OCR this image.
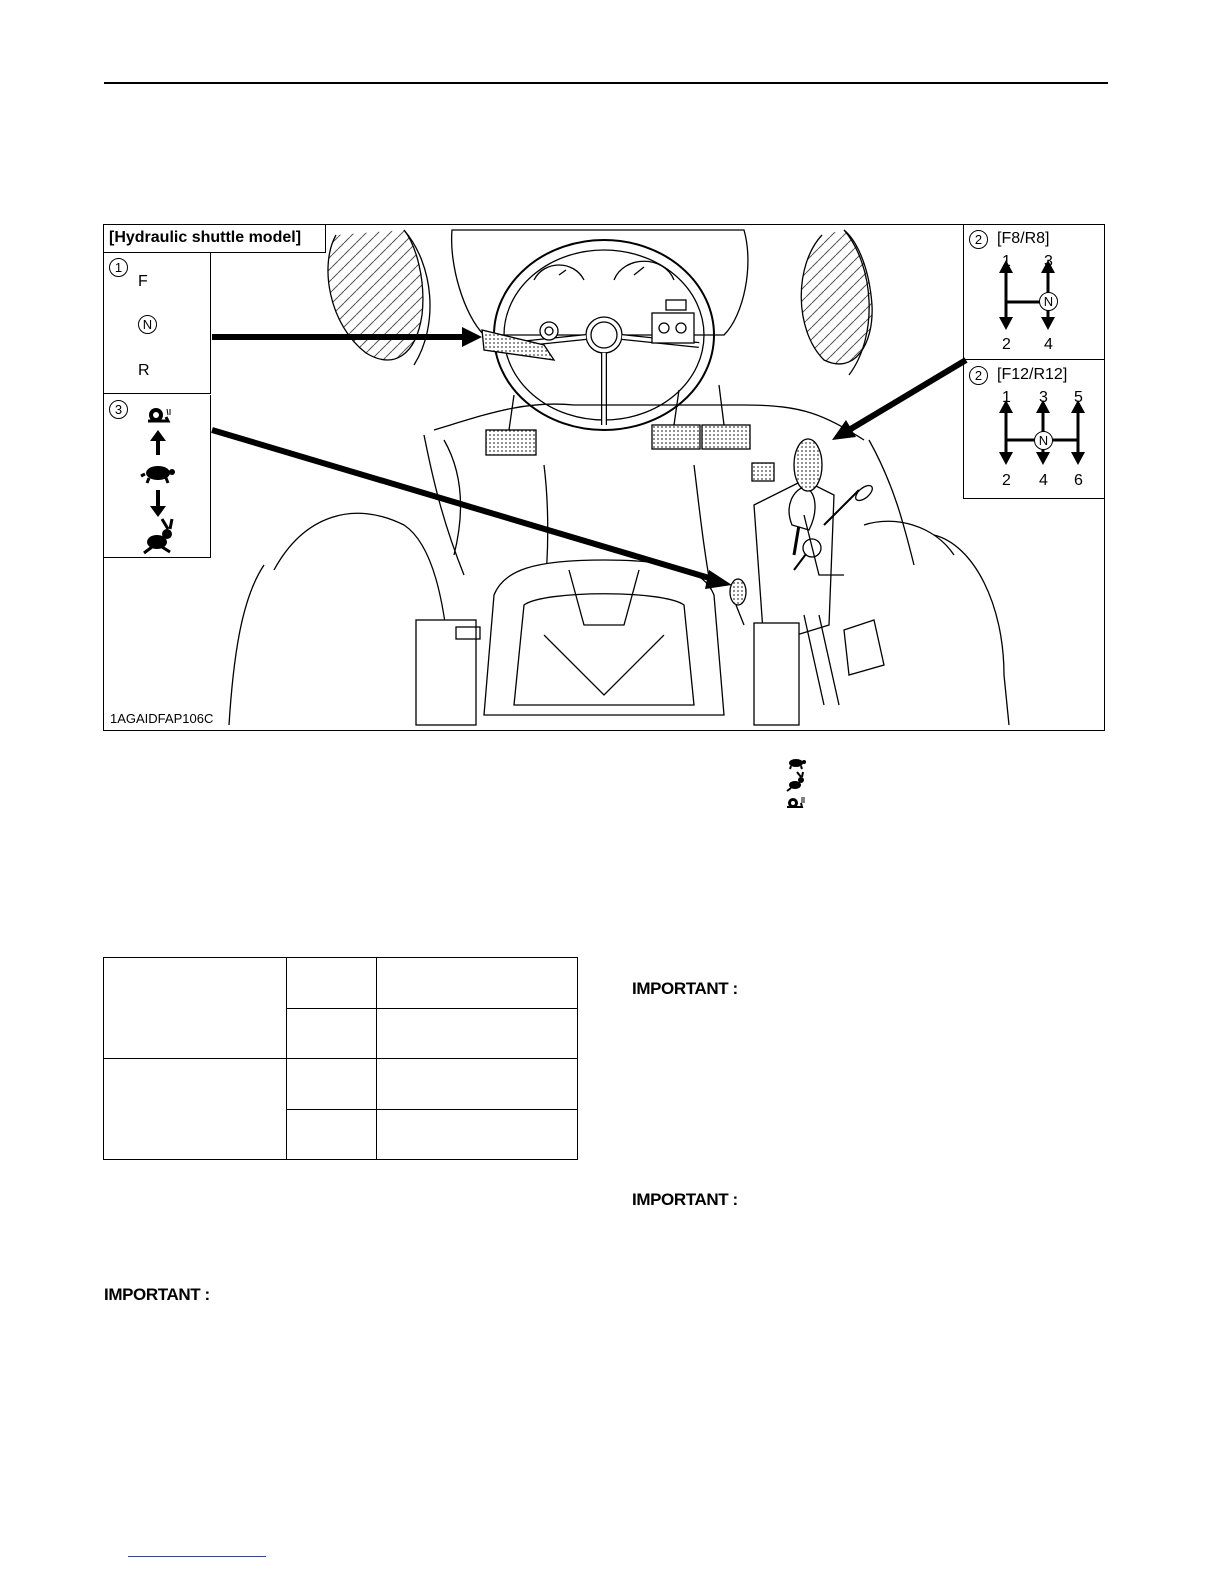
[Hydraulic shuttle model]
1
F
N
R
3
2 [F8/R8]
1 3
2 4
N
2 [F12/R12]
1 3 5
2 4 6
N
1AGAIDFAP106C

IMPORTANT :
IMPORTANT :
IMPORTANT :
